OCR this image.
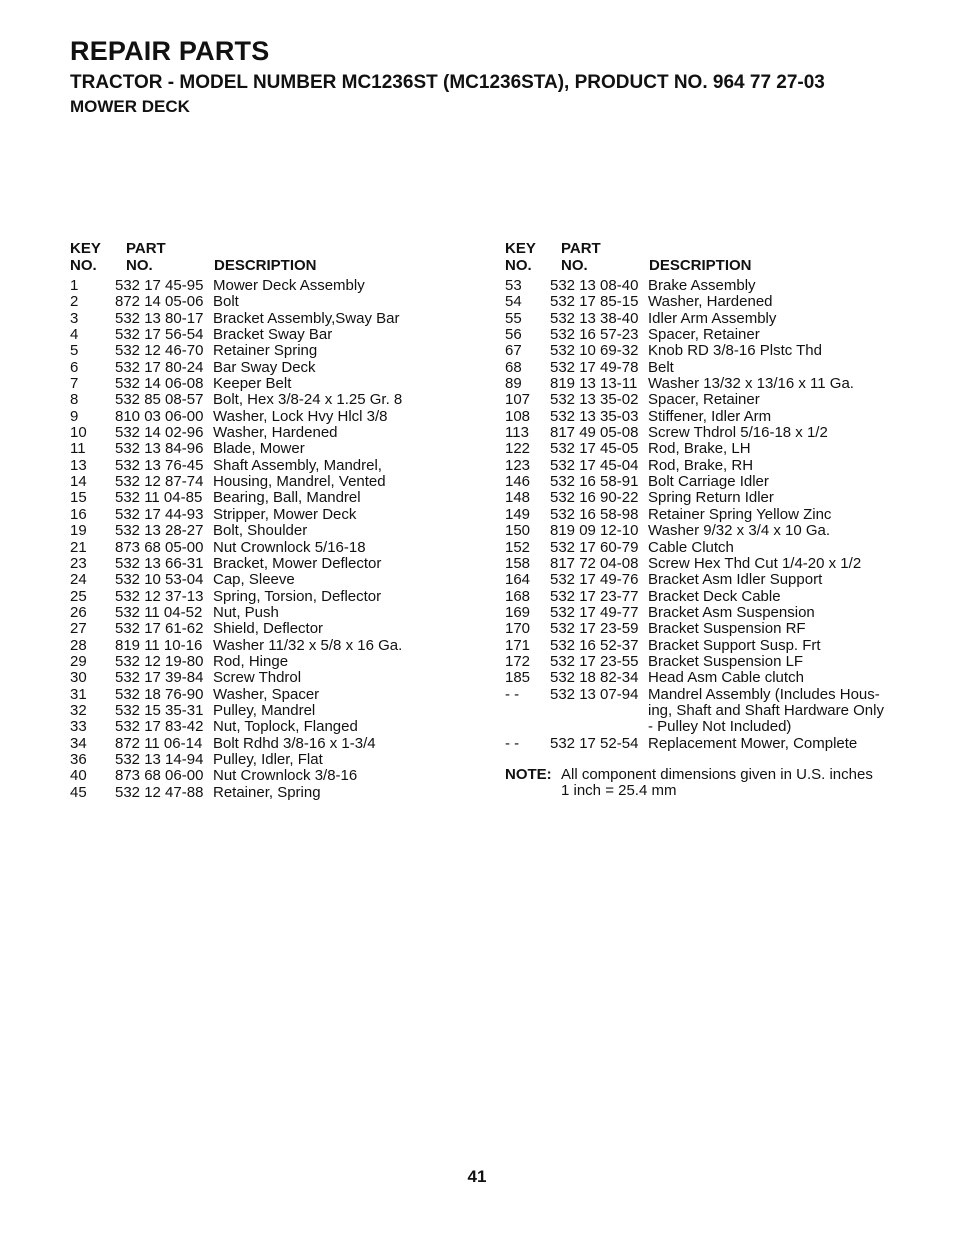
REPAIR PARTS
TRACTOR - MODEL NUMBER MC1236ST (MC1236STA), PRODUCT NO. 964 77 27-03
MOWER DECK
KEY
NO.
PART
NO.	DESCRIPTION
1	532 17 45-95 Mower Deck Assembly
2	872 14 05-06 Bolt
3	532 13 80-17 Bracket Assembly,Sway Bar
4	532 17 56-54 Bracket Sway Bar
5	532 12 46-70 Retainer Spring
6	532 17 80-24 Bar Sway Deck
7	532 14 06-08 Keeper Belt
8	532 85 08-57 Bolt, Hex 3/8-24 x 1.25 Gr. 8
9	810 03 06-00 Washer, Lock Hvy Hlcl 3/8
10	532 14 02-96 Washer, Hardened
11	532 13 84-96 Blade, Mower
13	532 13 76-45 Shaft Assembly, Mandrel,
14	532 12 87-74 Housing, Mandrel, Vented
15	532 11 04-85 Bearing, Ball, Mandrel
16	532 17 44-93 Stripper, Mower Deck
19	532 13 28-27 Bolt, Shoulder
21	873 68 05-00 Nut Crownlock 5/16-18
23	532 13 66-31 Bracket, Mower Deflector
24	532 10 53-04 Cap, Sleeve
25	532 12 37-13 Spring, Torsion, Deflector
26	532 11 04-52 Nut, Push
27	532 17 61-62 Shield, Deflector
28	819 11 10-16 Washer 11/32 x 5/8 x 16 Ga.
29	532 12 19-80 Rod, Hinge
30	532 17 39-84 Screw Thdrol
31	532 18 76-90 Washer, Spacer
32	532 15 35-31 Pulley, Mandrel
33	532 17 83-42 Nut, Toplock, Flanged
34	872 11 06-14 Bolt Rdhd 3/8-16 x 1-3/4
36	532 13 14-94 Pulley, Idler, Flat
40	873 68 06-00 Nut Crownlock 3/8-16
45	532 12 47-88 Retainer, Spring
KEY
NO.
PART
NO.	DESCRIPTION
53	532 13 08-40 Brake Assembly
54	532 17 85-15 Washer, Hardened
55	532 13 38-40 Idler Arm Assembly
56	532 16 57-23 Spacer, Retainer
67	532 10 69-32 Knob RD 3/8-16 Plstc Thd
68	532 17 49-78 Belt
89	819 13 13-11 Washer 13/32 x 13/16 x 11 Ga.
107	532 13 35-02 Spacer, Retainer
108	532 13 35-03 Stiffener, Idler Arm
113	817 49 05-08 Screw Thdrol 5/16-18 x 1/2
122	532 17 45-05 Rod, Brake, LH
123	532 17 45-04 Rod, Brake, RH
146	532 16 58-91 Bolt Carriage Idler
148	532 16 90-22 Spring Return Idler
149	532 16 58-98 Retainer Spring Yellow Zinc
150	819 09 12-10 Washer 9/32 x 3/4 x 10 Ga.
152	532 17 60-79 Cable Clutch
158	817 72 04-08 Screw Hex Thd Cut 1/4-20 x 1/2
164	532 17 49-76 Bracket Asm Idler Support
168	532 17 23-77 Bracket Deck Cable
169	532 17 49-77 Bracket Asm Suspension
170	532 17 23-59 Bracket Suspension RF
171	532 16 52-37 Bracket Support Susp. Frt
172	532 17 23-55 Bracket Suspension LF
185	532 18 82-34 Head Asm Cable clutch
- -	532 13 07-94 Mandrel Assembly (Includes Hous-
ing, Shaft and Shaft Hardware Only
- Pulley Not Included)
- -	532 17 52-54 Replacement Mower, Complete
NOTE: All component dimensions given in U.S. inches
1 inch = 25.4 mm
41
